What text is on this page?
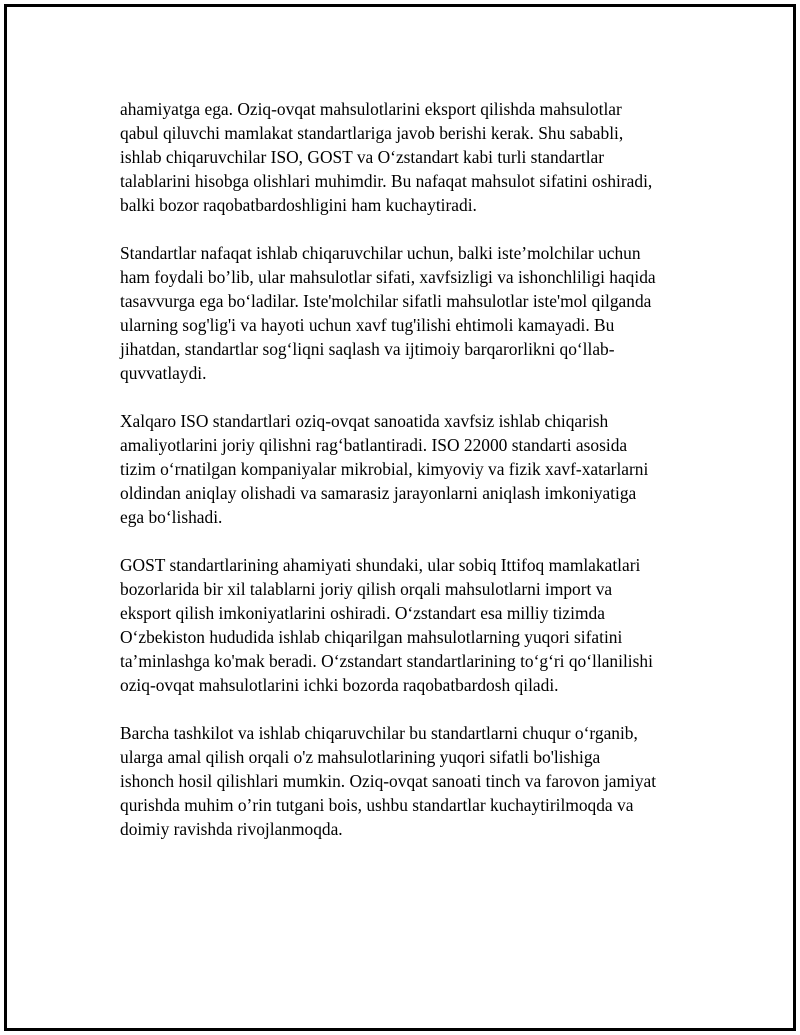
ahamiyatga ega. Oziq-ovqat mahsulotlarini eksport qilishda mahsulotlar
qabul qiluvchi mamlakat standartlariga javob berishi kerak. Shu sababli,
ishlab chiqaruvchilar ISO, GOST va O‘zstandart kabi turli standartlar
talablarini hisobga olishlari muhimdir. Bu nafaqat mahsulot sifatini oshiradi,
balki bozor raqobatbardoshligini ham kuchaytiradi.

Standartlar nafaqat ishlab chiqaruvchilar uchun, balki iste’molchilar uchun
ham foydali bo’lib, ular mahsulotlar sifati, xavfsizligi va ishonchliligi haqida
tasavvurga ega bo‘ladilar. Iste'molchilar sifatli mahsulotlar iste'mol qilganda
ularning sog'lig'i va hayoti uchun xavf tug'ilishi ehtimoli kamayadi. Bu
jihatdan, standartlar sog‘liqni saqlash va ijtimoiy barqarorlikni qo‘llab-
quvvatlaydi.

Xalqaro ISO standartlari oziq-ovqat sanoatida xavfsiz ishlab chiqarish
amaliyotlarini joriy qilishni rag‘batlantiradi. ISO 22000 standarti asosida
tizim o‘rnatilgan kompaniyalar mikrobial, kimyoviy va fizik xavf-xatarlarni
oldindan aniqlay olishadi va samarasiz jarayonlarni aniqlash imkoniyatiga
ega bo‘lishadi.

GOST standartlarining ahamiyati shundaki, ular sobiq Ittifoq mamlakatlari
bozorlarida bir xil talablarni joriy qilish orqali mahsulotlarni import va
eksport qilish imkoniyatlarini oshiradi. O‘zstandart esa milliy tizimda
O‘zbekiston hududida ishlab chiqarilgan mahsulotlarning yuqori sifatini
ta’minlashga ko'mak beradi. O‘zstandart standartlarining to‘g‘ri qo‘llanilishi
oziq-ovqat mahsulotlarini ichki bozorda raqobatbardosh qiladi.

Barcha tashkilot va ishlab chiqaruvchilar bu standartlarni chuqur o‘rganib,
ularga amal qilish orqali o'z mahsulotlarining yuqori sifatli bo'lishiga
ishonch hosil qilishlari mumkin. Oziq-ovqat sanoati tinch va farovon jamiyat
qurishda muhim o’rin tutgani bois, ushbu standartlar kuchaytirilmoqda va
doimiy ravishda rivojlanmoqda.
